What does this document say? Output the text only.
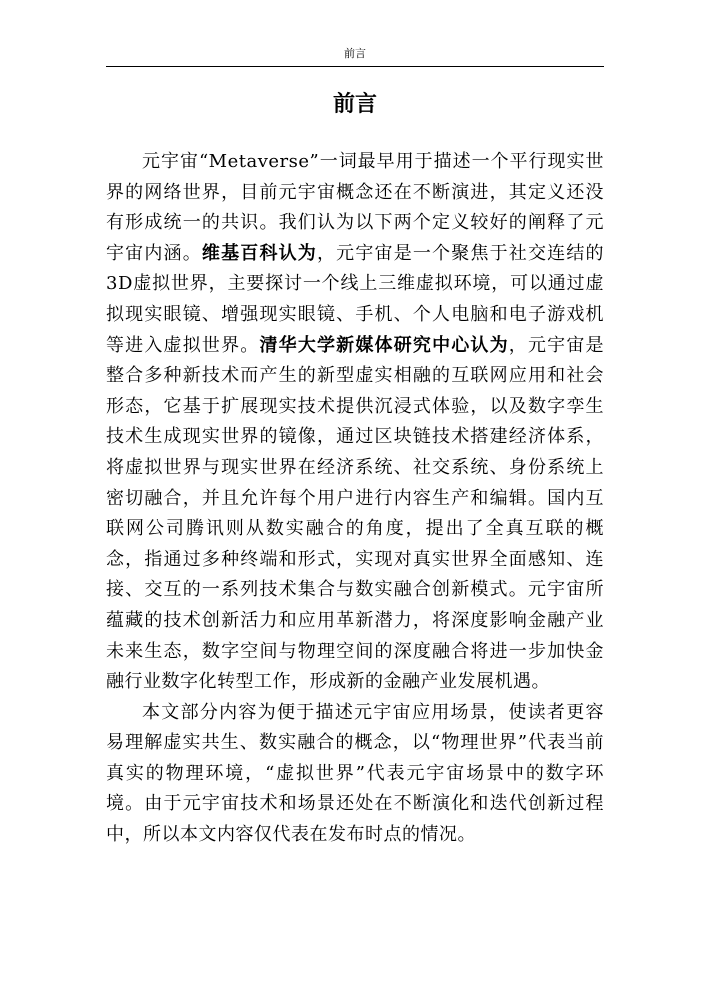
前言
前言

元宇宙“Metaverse”一词最早用于描述一个平行现实世界的网络世界，目前元宇宙概念还在不断演进，其定义还没有形成统一的共识。我们认为以下两个定义较好的阐释了元宇宙内涵。维基百科认为，元宇宙是一个聚焦于社交连结的3D虚拟世界，主要探讨一个线上三维虚拟环境，可以通过虚拟现实眼镜、增强现实眼镜、手机、个人电脑和电子游戏机等进入虚拟世界。清华大学新媒体研究中心认为，元宇宙是整合多种新技术而产生的新型虚实相融的互联网应用和社会形态，它基于扩展现实技术提供沉浸式体验，以及数字孪生技术生成现实世界的镜像，通过区块链技术搭建经济体系，将虚拟世界与现实世界在经济系统、社交系统、身份系统上密切融合，并且允许每个用户进行内容生产和编辑。国内互联网公司腾讯则从数实融合的角度，提出了全真互联的概念，指通过多种终端和形式，实现对真实世界全面感知、连接、交互的一系列技术集合与数实融合创新模式。元宇宙所蕴藏的技术创新活力和应用革新潜力，将深度影响金融产业未来生态，数字空间与物理空间的深度融合将进一步加快金融行业数字化转型工作，形成新的金融产业发展机遇。

本文部分内容为便于描述元宇宙应用场景，使读者更容易理解虚实共生、数实融合的概念，以“物理世界”代表当前真实的物理环境，“虚拟世界”代表元宇宙场景中的数字环境。由于元宇宙技术和场景还处在不断演化和迭代创新过程中，所以本文内容仅代表在发布时点的情况。
